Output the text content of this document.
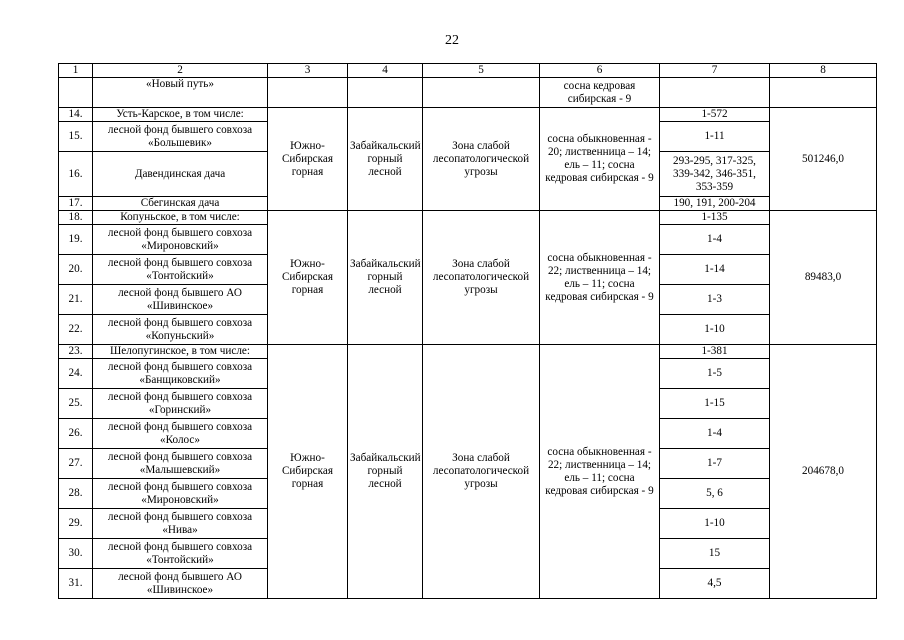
22
1	2	3	4	5	6	7	8
	«Новый путь»				сосна кедровая сибирская - 9		
14.	Усть-Карское, в том числе:	Южно-Сибирская горная	Забайкальский горный лесной	Зона слабой лесопатологической угрозы	сосна обыкновенная - 20; лиственница – 14; ель – 11; сосна кедровая сибирская - 9	1-572	501246,0
15.	лесной фонд бывшего совхоза «Большевик»					1-11	
16.	Давендинская дача					293-295, 317-325, 339-342, 346-351, 353-359	
17.	Сбегинская дача					190, 191, 200-204	
18.	Копуньское, в том числе:	Южно-Сибирская горная	Забайкальский горный лесной	Зона слабой лесопатологической угрозы	сосна обыкновенная - 22; лиственница – 14; ель – 11; сосна кедровая сибирская - 9	1-135	89483,0
19.	лесной фонд бывшего совхоза «Мироновский»					1-4	
20.	лесной фонд бывшего совхоза «Тонтойский»					1-14	
21.	лесной фонд бывшего АО «Шивинское»					1-3	
22.	лесной фонд бывшего совхоза «Копуньский»					1-10	
23.	Шелопугинское, в том числе:	Южно-Сибирская горная	Забайкальский горный лесной	Зона слабой лесопатологической угрозы	сосна обыкновенная - 22; лиственница – 14; ель – 11; сосна кедровая сибирская - 9	1-381	204678,0
24.	лесной фонд бывшего совхоза «Банщиковский»					1-5	
25.	лесной фонд бывшего совхоза «Горинский»					1-15	
26.	лесной фонд бывшего совхоза «Колос»					1-4	
27.	лесной фонд бывшего совхоза «Малышевский»					1-7	
28.	лесной фонд бывшего совхоза «Мироновский»					5, 6	
29.	лесной фонд бывшего совхоза «Нива»					1-10	
30.	лесной фонд бывшего совхоза «Тонтойский»					15	
31.	лесной фонд бывшего АО «Шивинское»					4,5	
